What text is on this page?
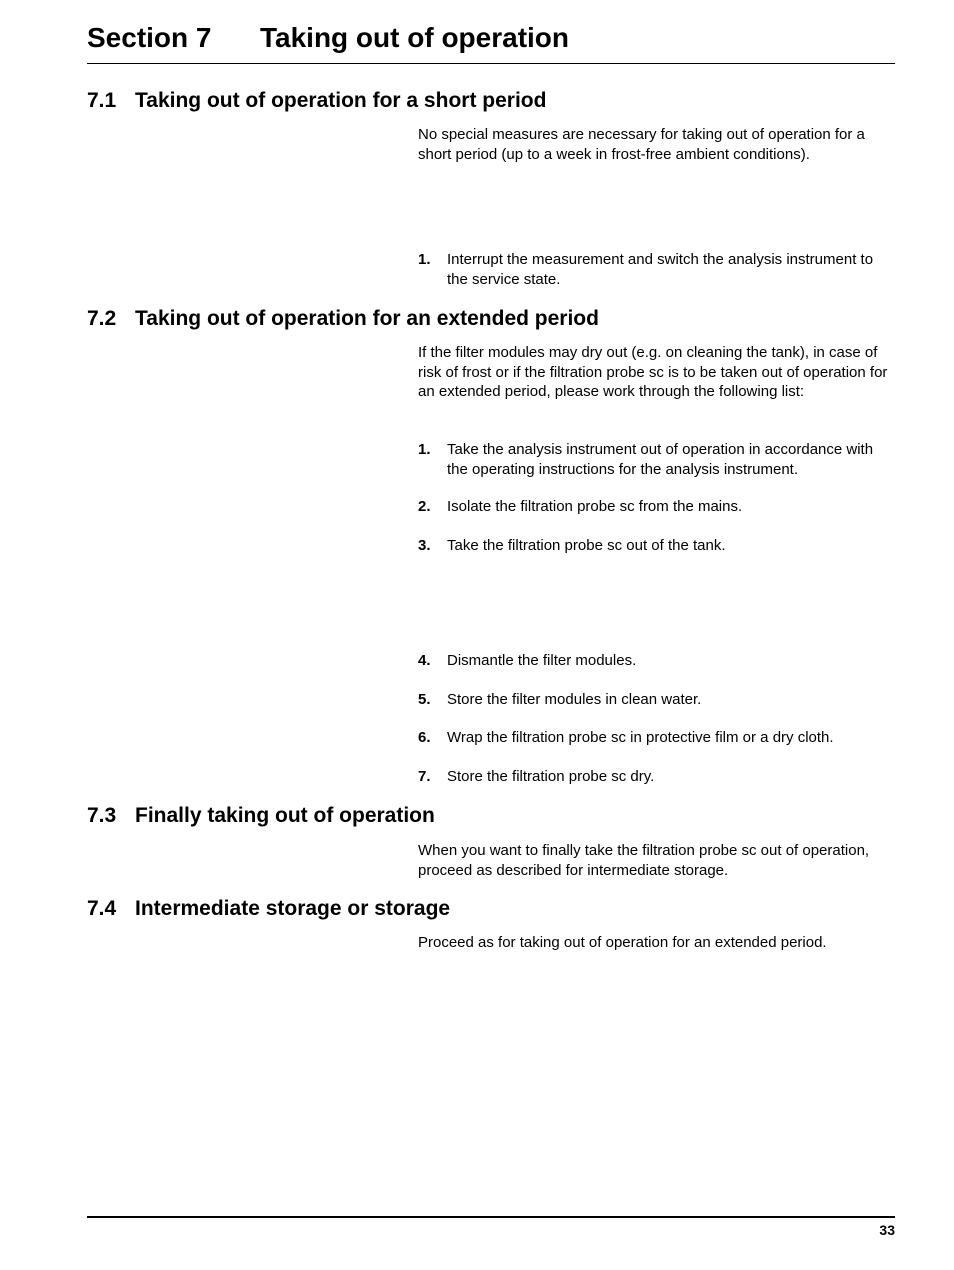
Section 7 Taking out of operation
7.1 Taking out of operation for a short period

No special measures are necessary for taking out of operation for a short period (up to a week in frost-free ambient conditions).

1. Interrupt the measurement and switch the analysis instrument to the service state.
7.2 Taking out of operation for an extended period

If the filter modules may dry out (e.g. on cleaning the tank), in case of risk of frost or if the filtration probe sc is to be taken out of operation for an extended period, please work through the following list:

1. Take the analysis instrument out of operation in accordance with the operating instructions for the analysis instrument.
2. Isolate the filtration probe sc from the mains.
3. Take the filtration probe sc out of the tank.
4. Dismantle the filter modules.
5. Store the filter modules in clean water.
6. Wrap the filtration probe sc in protective film or a dry cloth.
7. Store the filtration probe sc dry.
7.3 Finally taking out of operation

When you want to finally take the filtration probe sc out of operation, proceed as described for intermediate storage.

7.4 Intermediate storage or storage

Proceed as for taking out of operation for an extended period.

33
